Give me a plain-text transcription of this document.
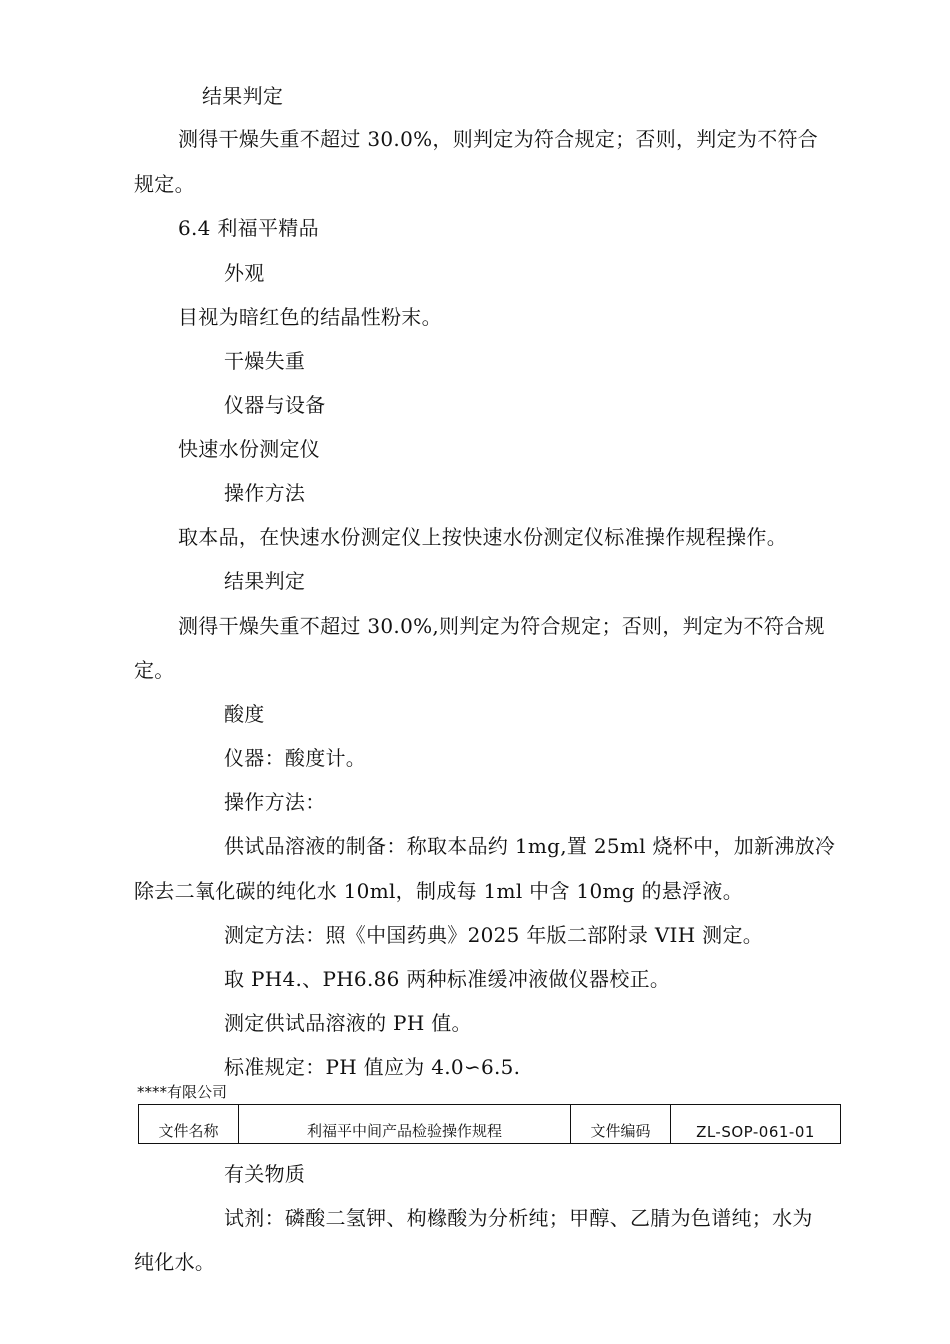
结果判定
测得干燥失重不超过 30.0%，则判定为符合规定；否则，判定为不符合
规定。
6.4 利福平精品
外观
目视为暗红色的结晶性粉末。
干燥失重
仪器与设备
快速水份测定仪
操作方法
取本品，在快速水份测定仪上按快速水份测定仪标准操作规程操作。
结果判定
测得干燥失重不超过 30.0%,则判定为符合规定；否则，判定为不符合规
定。
酸度
仪器：酸度计。
操作方法：
供试品溶液的制备：称取本品约 1mg,置 25ml 烧杯中，加新沸放冷
除去二氧化碳的纯化水 10ml，制成每 1ml 中含 10mg 的悬浮液。
测定方法：照《中国药典》2025 年版二部附录 VIH 测定。
取 PH4.、PH6.86 两种标准缓冲液做仪器校正。
测定供试品溶液的 PH 值。
标准规定：PH 值应为 4.0∽6.5.
****有限公司
文件名称	利福平中间产品检验操作规程	文件编码	ZL-SOP-061-01
有关物质
试剂：磷酸二氢钾、枸橼酸为分析纯；甲醇、乙腈为色谱纯；水为
纯化水。
